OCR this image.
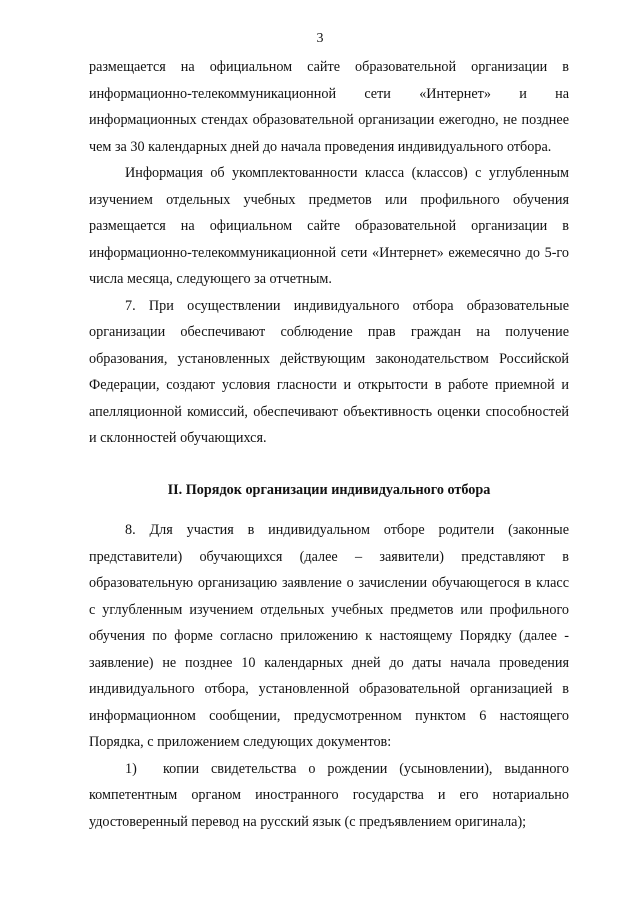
3

размещается на официальном сайте образовательной организации в информационно-телекоммуникационной сети «Интернет» и на информационных стендах образовательной организации ежегодно, не позднее чем за 30 календарных дней до начала проведения индивидуального отбора.

Информация об укомплектованности класса (классов) с углубленным изучением отдельных учебных предметов или профильного обучения размещается на официальном сайте образовательной организации в информационно-телекоммуникационной сети «Интернет» ежемесячно до 5-го числа месяца, следующего за отчетным.

7. При осуществлении индивидуального отбора образовательные организации обеспечивают соблюдение прав граждан на получение образования, установленных действующим законодательством Российской Федерации, создают условия гласности и открытости в работе приемной и апелляционной комиссий, обеспечивают объективность оценки способностей и склонностей обучающихся.

II. Порядок организации индивидуального отбора

8. Для участия в индивидуальном отборе родители (законные представители) обучающихся (далее – заявители) представляют в образовательную организацию заявление о зачислении обучающегося в класс с углубленным изучением отдельных учебных предметов или профильного обучения по форме согласно приложению к настоящему Порядку (далее - заявление) не позднее 10 календарных дней до даты начала проведения индивидуального отбора, установленной образовательной организацией в информационном сообщении, предусмотренном пунктом 6 настоящего Порядка, с приложением следующих документов:

1) копии свидетельства о рождении (усыновлении), выданного компетентным органом иностранного государства и его нотариально удостоверенный перевод на русский язык (с предъявлением оригинала);
